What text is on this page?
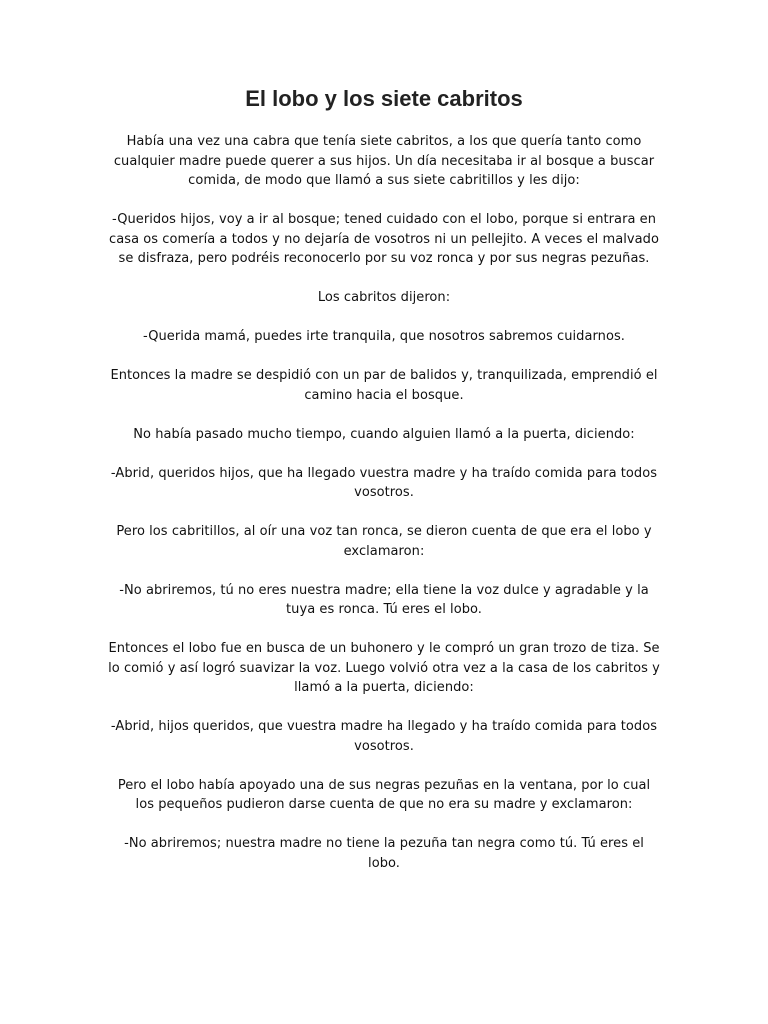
El lobo y los siete cabritos

Había una vez una cabra que tenía siete cabritos, a los que quería tanto como cualquier madre puede querer a sus hijos. Un día necesitaba ir al bosque a buscar comida, de modo que llamó a sus siete cabritillos y les dijo:

-Queridos hijos, voy a ir al bosque; tened cuidado con el lobo, porque si entrara en casa os comería a todos y no dejaría de vosotros ni un pellejito. A veces el malvado se disfraza, pero podréis reconocerlo por su voz ronca y por sus negras pezuñas.

Los cabritos dijeron:

-Querida mamá, puedes irte tranquila, que nosotros sabremos cuidarnos.

Entonces la madre se despidió con un par de balidos y, tranquilizada, emprendió el camino hacia el bosque.

No había pasado mucho tiempo, cuando alguien llamó a la puerta, diciendo:

-Abrid, queridos hijos, que ha llegado vuestra madre y ha traído comida para todos vosotros.

Pero los cabritillos, al oír una voz tan ronca, se dieron cuenta de que era el lobo y exclamaron:

-No abriremos, tú no eres nuestra madre; ella tiene la voz dulce y agradable y la tuya es ronca. Tú eres el lobo.

Entonces el lobo fue en busca de un buhonero y le compró un gran trozo de tiza. Se lo comió y así logró suavizar la voz. Luego volvió otra vez a la casa de los cabritos y llamó a la puerta, diciendo:

-Abrid, hijos queridos, que vuestra madre ha llegado y ha traído comida para todos vosotros.

Pero el lobo había apoyado una de sus negras pezuñas en la ventana, por lo cual los pequeños pudieron darse cuenta de que no era su madre y exclamaron:

-No abriremos; nuestra madre no tiene la pezuña tan negra como tú. Tú eres el lobo.
